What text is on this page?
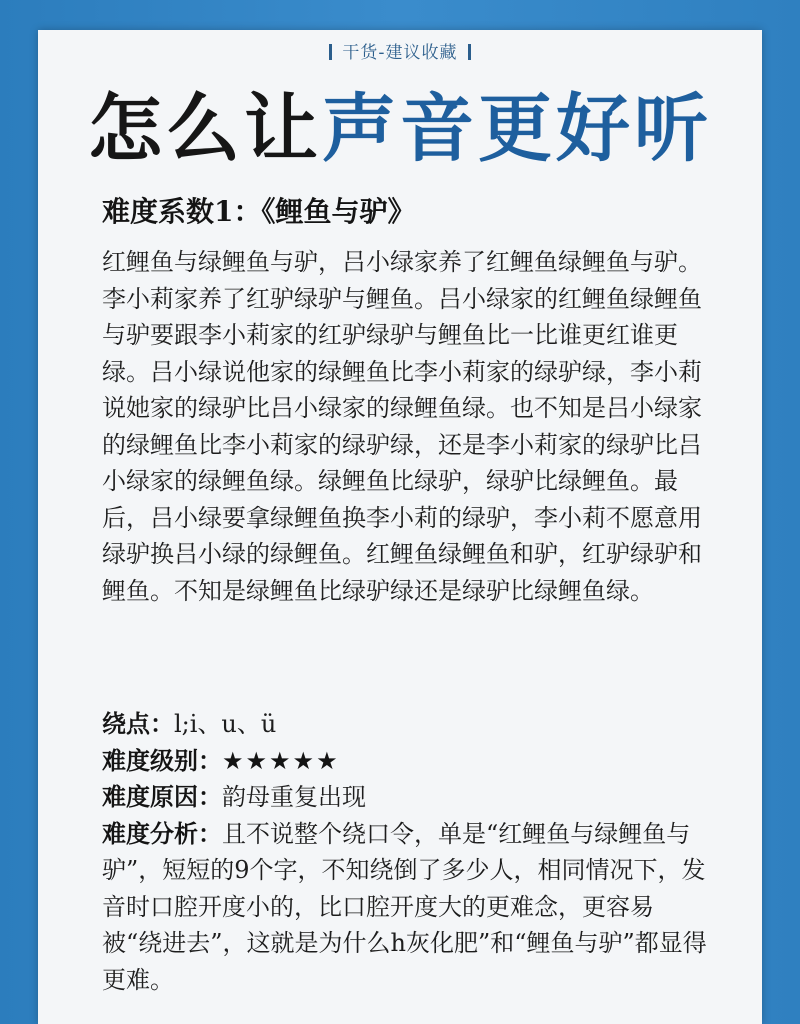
干货-建议收藏
怎么让声音更好听
难度系数1：《鲤鱼与驴》

红鲤鱼与绿鲤鱼与驴，吕小绿家养了红鲤鱼绿鲤鱼与驴。李小莉家养了红驴绿驴与鲤鱼。吕小绿家的红鲤鱼绿鲤鱼与驴要跟李小莉家的红驴绿驴与鲤鱼比一比谁更红谁更绿。吕小绿说他家的绿鲤鱼比李小莉家的绿驴绿，李小莉说她家的绿驴比吕小绿家的绿鲤鱼绿。也不知是吕小绿家的绿鲤鱼比李小莉家的绿驴绿，还是李小莉家的绿驴比吕小绿家的绿鲤鱼绿。绿鲤鱼比绿驴，绿驴比绿鲤鱼。最后，吕小绿要拿绿鲤鱼换李小莉的绿驴，李小莉不愿意用绿驴换吕小绿的绿鲤鱼。红鲤鱼绿鲤鱼和驴，红驴绿驴和鲤鱼。不知是绿鲤鱼比绿驴绿还是绿驴比绿鲤鱼绿。

绕点：l;i、u、ü

难度级别：★★★★★

难度原因：韵母重复出现

难度分析：且不说整个绕口令，单是“红鲤鱼与绿鲤鱼与驴”，短短的9个字，不知绕倒了多少人，相同情况下，发音时口腔开度小的，比口腔开度大的更难念，更容易被“绕进去”，这就是为什么h灰化肥”和“鲤鱼与驴”都显得更难。
